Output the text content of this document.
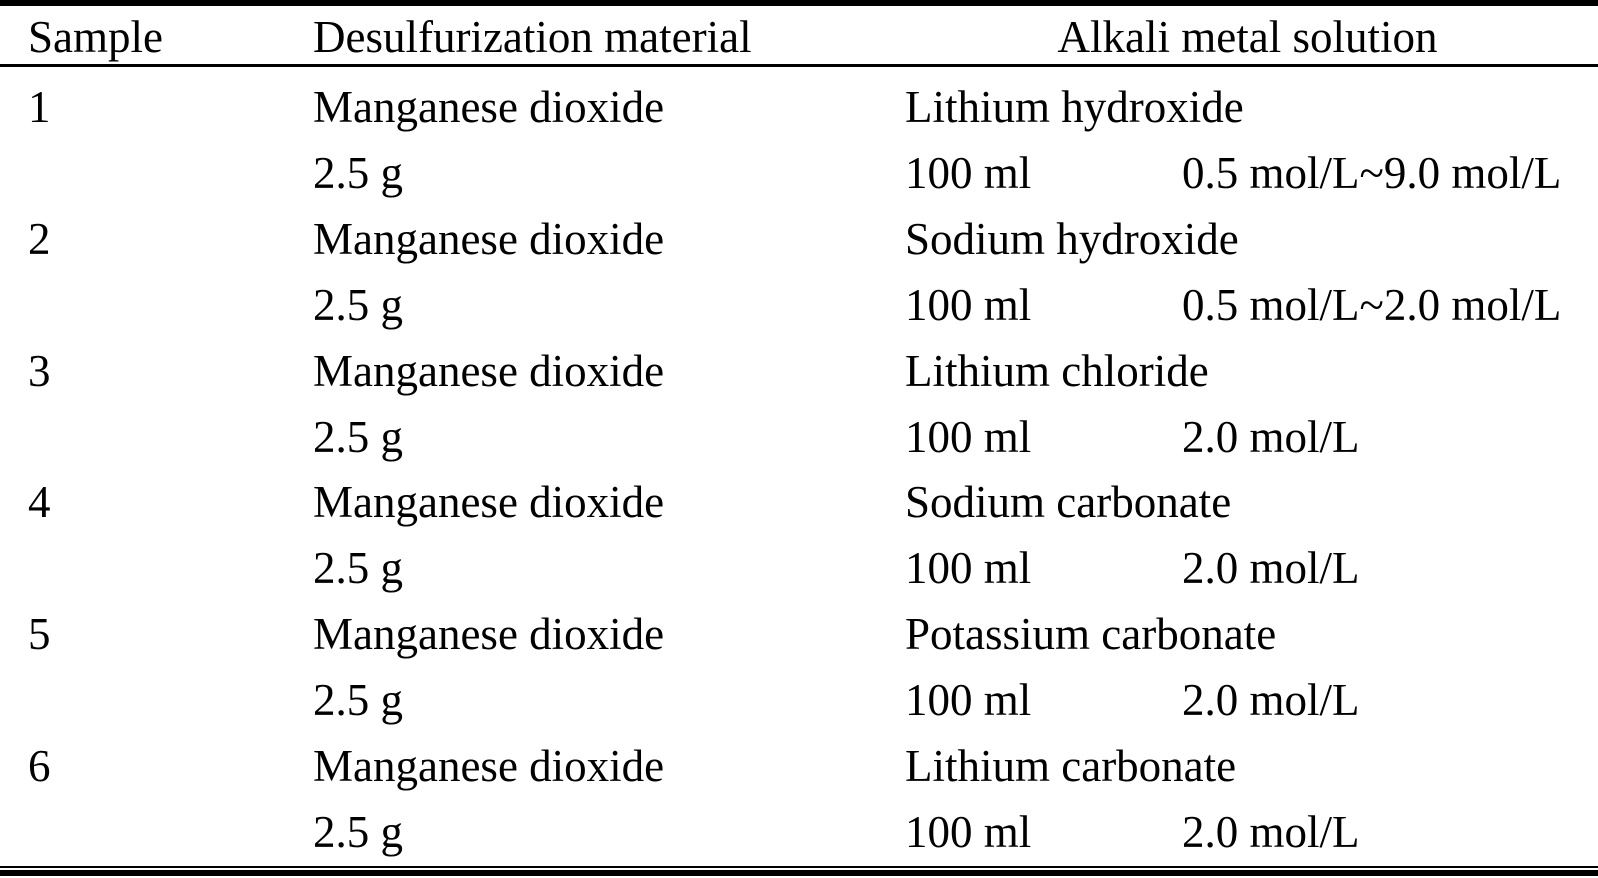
Sample	Desulfurization material	Alkali metal solution
1	Manganese dioxide	Lithium hydroxide
2.5 g	100 ml	0.5 mol/L~9.0 mol/L
2	Manganese dioxide	Sodium hydroxide
2.5 g	100 ml	0.5 mol/L~2.0 mol/L
3	Manganese dioxide	Lithium chloride
2.5 g	100 ml	2.0 mol/L
4	Manganese dioxide	Sodium carbonate
2.5 g	100 ml	2.0 mol/L
5	Manganese dioxide	Potassium carbonate
2.5 g	100 ml	2.0 mol/L
6	Manganese dioxide	Lithium carbonate
2.5 g	100 ml	2.0 mol/L
